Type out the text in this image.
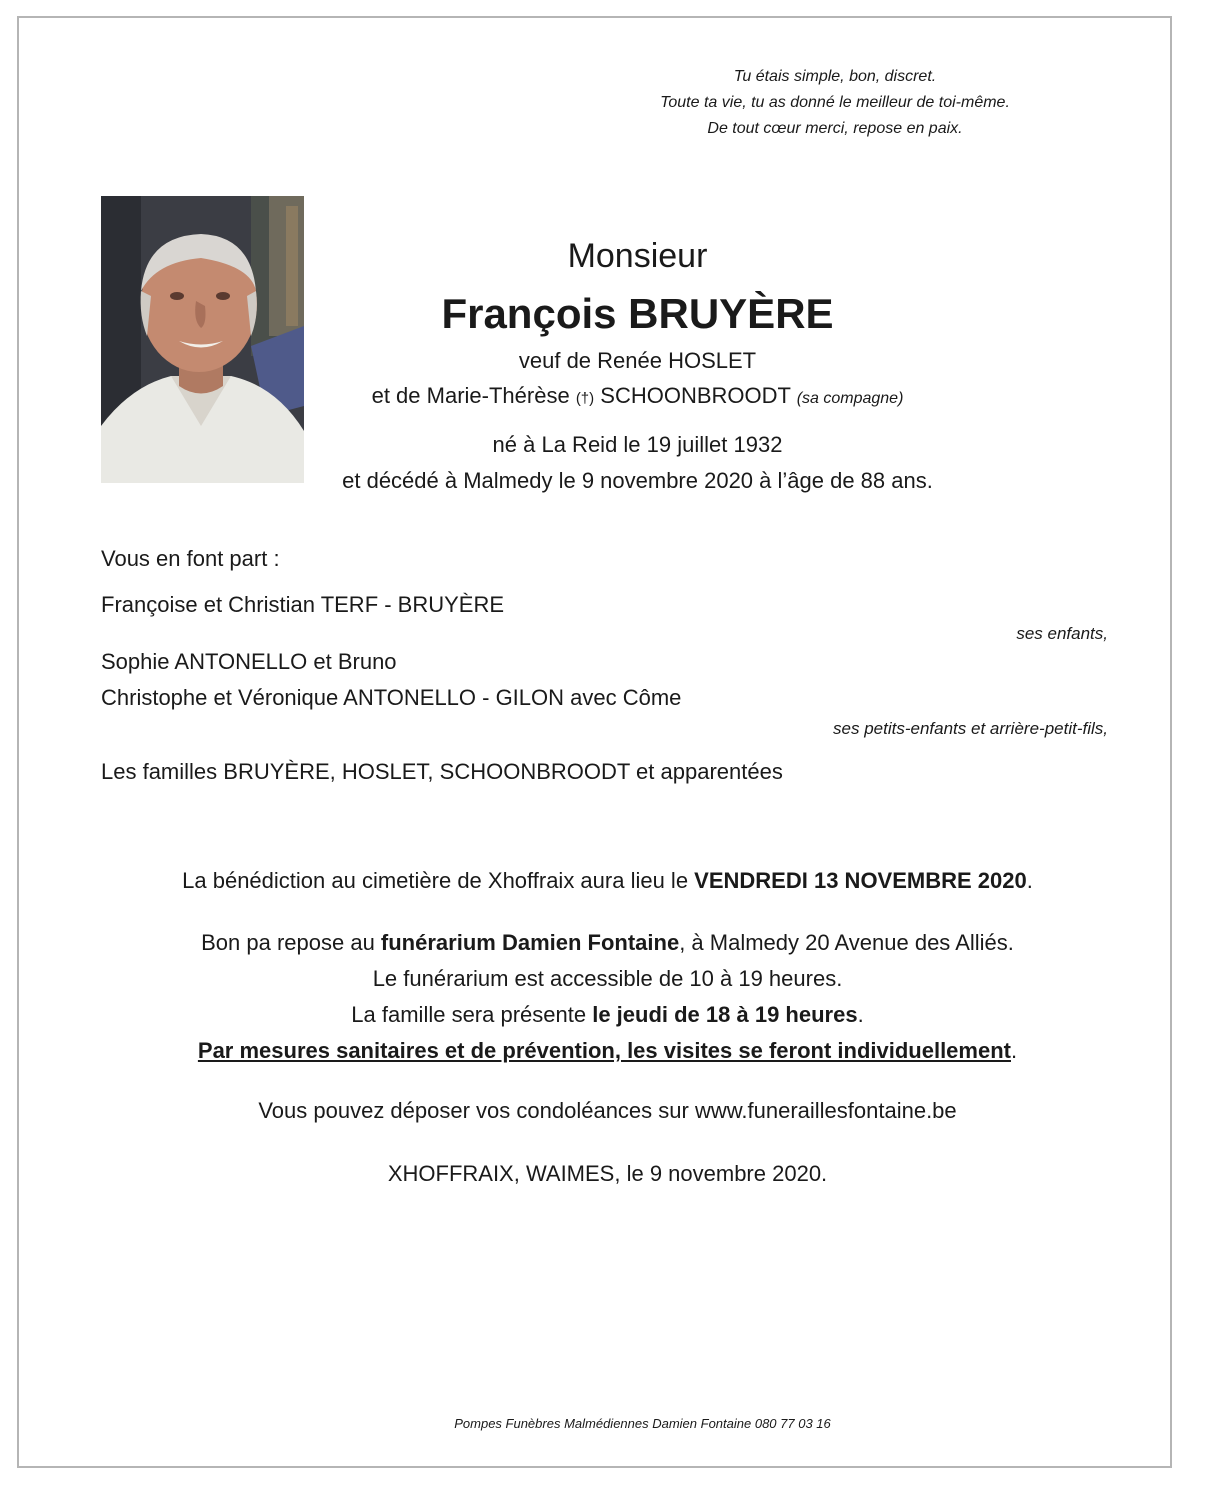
Tu étais simple, bon, discret.
Toute ta vie, tu as donné le meilleur de toi-même.
De tout cœur merci, repose en paix.
Monsieur
François BRUYÈRE
veuf de Renée HOSLET
et de Marie-Thérèse (†) SCHOONBROODT (sa compagne)
né à La Reid le 19 juillet 1932
et décédé à Malmedy le 9 novembre 2020 à l’âge de 88 ans.
Vous en font part :
Françoise et Christian TERF - BRUYÈRE
ses enfants,
Sophie ANTONELLO et Bruno
Christophe et Véronique ANTONELLO - GILON avec Côme
ses petits-enfants et arrière-petit-fils,
Les familles BRUYÈRE, HOSLET, SCHOONBROODT et apparentées
La bénédiction au cimetière de Xhoffraix aura lieu le VENDREDI 13 NOVEMBRE 2020.
Bon pa repose au funérarium Damien Fontaine, à Malmedy 20 Avenue des Alliés.
Le funérarium est accessible de 10 à 19 heures.
La famille sera présente le jeudi de 18 à 19 heures.
Par mesures sanitaires et de prévention, les visites se feront individuellement.
Vous pouvez déposer vos condoléances sur www.funeraillesfontaine.be
XHOFFRAIX, WAIMES, le 9 novembre 2020.
Pompes Funèbres Malmédiennes Damien Fontaine 080 77 03 16
